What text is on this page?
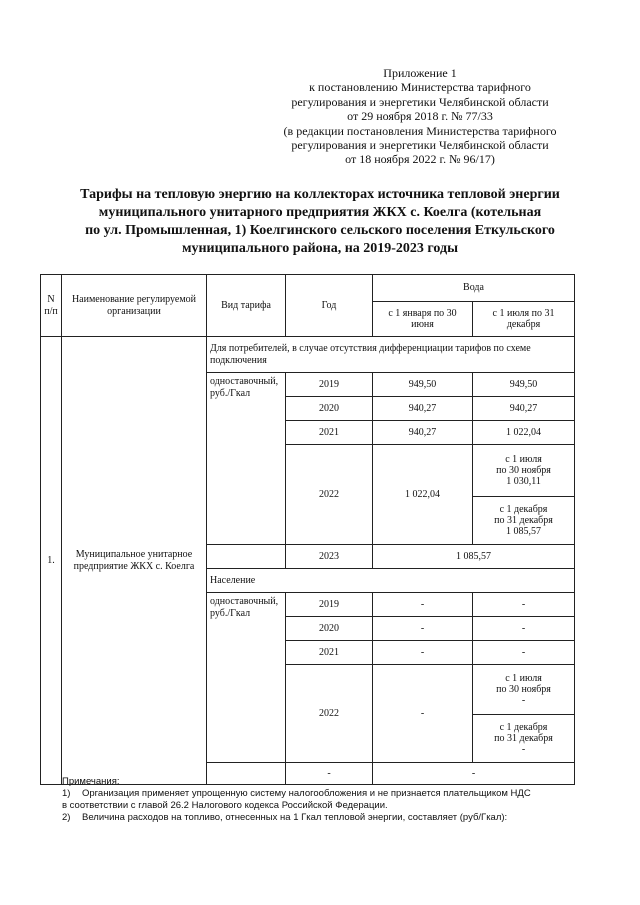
Приложение 1
к постановлению Министерства тарифного
регулирования и энергетики Челябинской области
от 29 ноября 2018 г. № 77/33
(в редакции постановления Министерства тарифного
регулирования и энергетики Челябинской области
от 18 ноября 2022 г. № 96/17)
Тарифы на тепловую энергию на коллекторах источника тепловой энергии
муниципального унитарного предприятия ЖКХ с. Коелга (котельная
по ул. Промышленная, 1) Коелгинского сельского поселения Еткульского
муниципального района, на 2019-2023 годы
N п/п	Наименование регулируемой организации	Вид тарифа	Год	Вода	
				с 1 января по 30 июня	с 1 июля по 31 декабря
1.	Муниципальное унитарное предприятие ЖКХ с. Коелга	Для потребителей, в случае отсутствия дифференциации тарифов по схеме подключения			
		одноставочный, руб./Гкал	2019	949,50	949,50
			2020	940,27	940,27
			2021	940,27	1 022,04
			2022	1 022,04	с 1 июля
по 30 ноября
1 030,11

					с 1 декабря
по 31 декабря
1 085,57

			2023	1 085,57	
		Население			
		одноставочный, руб./Гкал	2019	-	-
			2020	-	-
			2021	-	-
			2022	-	с 1 июля
по 30 ноября
-

					с 1 декабря
по 31 декабря
-

			-	-	
Примечания:
1) Организация применяет упрощенную систему налогообложения и не признается плательщиком НДС
в соответствии с главой 26.2 Налогового кодекса Российской Федерации.
2) Величина расходов на топливо, отнесенных на 1 Гкал тепловой энергии, составляет (руб/Гкал):
